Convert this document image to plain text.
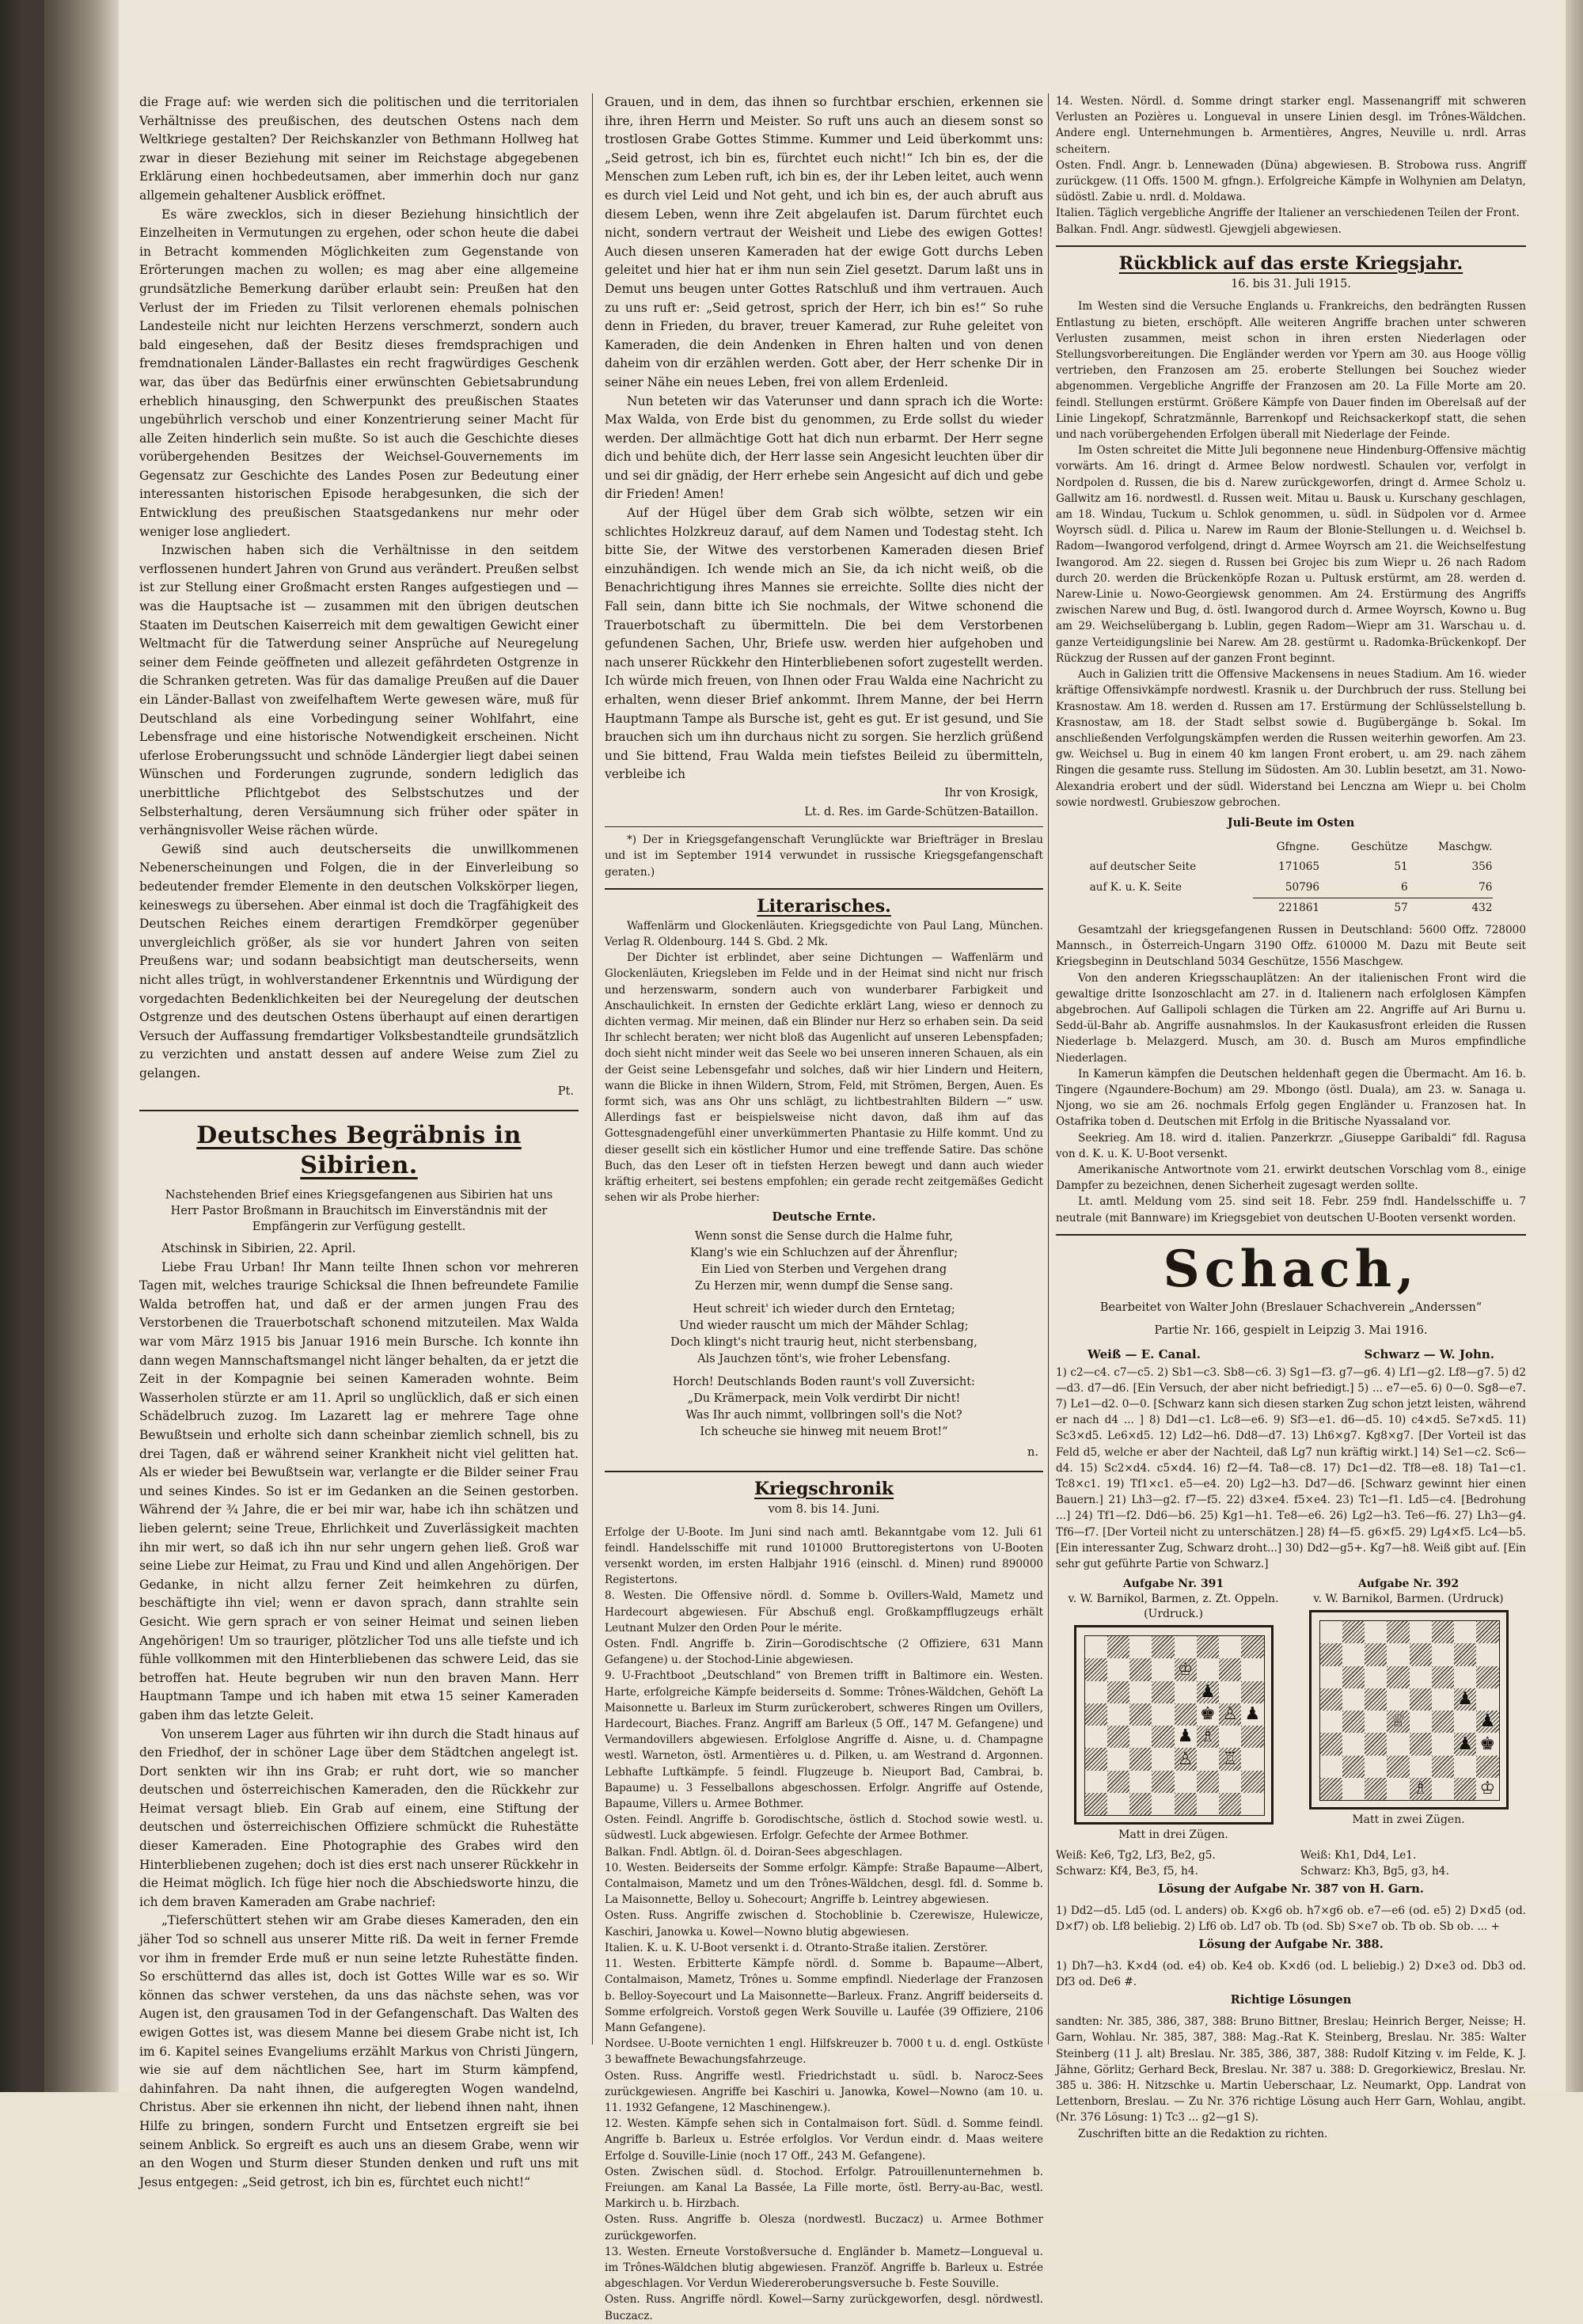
die Frage auf: wie werden sich die politischen und die territorialen Verhältnisse des preußischen, des deutschen Ostens nach dem Weltkriege gestalten? Der Reichskanzler von Bethmann Hollweg hat zwar in dieser Beziehung mit seiner im Reichstage abgegebenen Erklärung einen hochbedeutsamen, aber immerhin doch nur ganz allgemein gehaltener Ausblick eröffnet.

Es wäre zwecklos, sich in dieser Beziehung hinsichtlich der Einzelheiten in Vermutungen zu ergehen, oder schon heute die dabei in Betracht kommenden Möglichkeiten zum Gegenstande von Erörterungen machen zu wollen; es mag aber eine allgemeine grundsätzliche Bemerkung darüber erlaubt sein: Preußen hat den Verlust der im Frieden zu Tilsit verlorenen ehemals polnischen Landesteile nicht nur leichten Herzens verschmerzt, sondern auch bald eingesehen, daß der Besitz dieses fremdsprachigen und fremdnationalen Länder-Ballastes ein recht fragwürdiges Geschenk war, das über das Bedürfnis einer erwünschten Gebietsabrundung erheblich hinausging, den Schwerpunkt des preußischen Staates ungebührlich verschob und einer Konzentrierung seiner Macht für alle Zeiten hinderlich sein mußte. So ist auch die Geschichte dieses vorübergehenden Besitzes der Weichsel-Gouvernements im Gegensatz zur Geschichte des Landes Posen zur Bedeutung einer interessanten historischen Episode herabgesunken, die sich der Entwicklung des preußischen Staatsgedankens nur mehr oder weniger lose angliedert.

Inzwischen haben sich die Verhältnisse in den seitdem verflossenen hundert Jahren von Grund aus verändert. Preußen selbst ist zur Stellung einer Großmacht ersten Ranges aufgestiegen und — was die Hauptsache ist — zusammen mit den übrigen deutschen Staaten im Deutschen Kaiserreich mit dem gewaltigen Gewicht einer Weltmacht für die Tatwerdung seiner Ansprüche auf Neuregelung seiner dem Feinde geöffneten und allezeit gefährdeten Ostgrenze in die Schranken getreten. Was für das damalige Preußen auf die Dauer ein Länder-Ballast von zweifelhaftem Werte gewesen wäre, muß für Deutschland als eine Vorbedingung seiner Wohlfahrt, eine Lebensfrage und eine historische Notwendigkeit erscheinen. Nicht uferlose Eroberungssucht und schnöde Ländergier liegt dabei seinen Wünschen und Forderungen zugrunde, sondern lediglich das unerbittliche Pflichtgebot des Selbstschutzes und der Selbsterhaltung, deren Versäumnung sich früher oder später in verhängnisvoller Weise rächen würde.

Gewiß sind auch deutscherseits die unwillkommenen Nebenerscheinungen und Folgen, die in der Einverleibung so bedeutender fremder Elemente in den deutschen Volkskörper liegen, keineswegs zu übersehen. Aber einmal ist doch die Tragfähigkeit des Deutschen Reiches einem derartigen Fremdkörper gegenüber unvergleichlich größer, als sie vor hundert Jahren von seiten Preußens war; und sodann beabsichtigt man deutscherseits, wenn nicht alles trügt, in wohlverstandener Erkenntnis und Würdigung der vorgedachten Bedenklichkeiten bei der Neuregelung der deutschen Ostgrenze und des deutschen Ostens überhaupt auf einen derartigen Versuch der Auffassung fremdartiger Volksbestandteile grundsätzlich zu verzichten und anstatt dessen auf andere Weise zum Ziel zu gelangen.

Pt.
Deutsches Begräbnis in Sibirien.
Nachstehenden Brief eines Kriegsgefangenen aus Sibirien hat uns Herr Pastor Broßmann in Brauchitsch im Einverständnis mit der Empfängerin zur Verfügung gestellt.

Atschinsk in Sibirien, 22. April.

Liebe Frau Urban! Ihr Mann teilte Ihnen schon vor mehreren Tagen mit, welches traurige Schicksal die Ihnen befreundete Familie Walda betroffen hat, und daß er der armen jungen Frau des Verstorbenen die Trauerbotschaft schonend mitzuteilen. Max Walda war vom März 1915 bis Januar 1916 mein Bursche. Ich konnte ihn dann wegen Mannschaftsmangel nicht länger behalten, da er jetzt die Zeit in der Kompagnie bei seinen Kameraden wohnte. Beim Wasserholen stürzte er am 11. April so unglücklich, daß er sich einen Schädelbruch zuzog. Im Lazarett lag er mehrere Tage ohne Bewußtsein und erholte sich dann scheinbar ziemlich schnell, bis zu drei Tagen, daß er während seiner Krankheit nicht viel gelitten hat. Als er wieder bei Bewußtsein war, verlangte er die Bilder seiner Frau und seines Kindes. So ist er im Gedanken an die Seinen gestorben. Während der ¾ Jahre, die er bei mir war, habe ich ihn schätzen und lieben gelernt; seine Treue, Ehrlichkeit und Zuverlässigkeit machten ihn mir wert, so daß ich ihn nur sehr ungern gehen ließ. Groß war seine Liebe zur Heimat, zu Frau und Kind und allen Angehörigen. Der Gedanke, in nicht allzu ferner Zeit heimkehren zu dürfen, beschäftigte ihn viel; wenn er davon sprach, dann strahlte sein Gesicht. Wie gern sprach er von seiner Heimat und seinen lieben Angehörigen! Um so trauriger, plötzlicher Tod uns alle tiefste und ich fühle vollkommen mit den Hinterbliebenen das schwere Leid, das sie betroffen hat. Heute begruben wir nun den braven Mann. Herr Hauptmann Tampe und ich haben mit etwa 15 seiner Kameraden gaben ihm das letzte Geleit.

Von unserem Lager aus führten wir ihn durch die Stadt hinaus auf den Friedhof, der in schöner Lage über dem Städtchen angelegt ist. Dort senkten wir ihn ins Grab; er ruht dort, wie so mancher deutschen und österreichischen Kameraden, den die Rückkehr zur Heimat versagt blieb. Ein Grab auf einem, eine Stiftung der deutschen und österreichischen Offiziere schmückt die Ruhestätte dieser Kameraden. Eine Photographie des Grabes wird den Hinterbliebenen zugehen; doch ist dies erst nach unserer Rückkehr in die Heimat möglich. Ich füge hier noch die Abschiedsworte hinzu, die ich dem braven Kameraden am Grabe nachrief:

„Tieferschüttert stehen wir am Grabe dieses Kameraden, den ein jäher Tod so schnell aus unserer Mitte riß. Da weit in ferner Fremde vor ihm in fremder Erde muß er nun seine letzte Ruhestätte finden. So erschütternd das alles ist, doch ist Gottes Wille war es so. Wir können das schwer verstehen, da uns das nächste sehen, was vor Augen ist, den grausamen Tod in der Gefangenschaft. Das Walten des ewigen Gottes ist, was diesem Manne bei diesem Grabe nicht ist, Ich im 6. Kapitel seines Evangeliums erzählt Markus von Christi Jüngern, wie sie auf dem nächtlichen See, hart im Sturm kämpfend, dahinfahren. Da naht ihnen, die aufgeregten Wogen wandelnd, Christus. Aber sie erkennen ihn nicht, der liebend ihnen naht, ihnen Hilfe zu bringen, sondern Furcht und Entsetzen ergreift sie bei seinem Anblick. So ergreift es auch uns an diesem Grabe, wenn wir an den Wogen und Sturm dieser Stunden denken und ruft uns mit Jesus entgegen: „Seid getrost, ich bin es, fürchtet euch nicht!“

Grauen, und in dem, das ihnen so furchtbar erschien, erkennen sie ihre, ihren Herrn und Meister. So ruft uns auch an diesem sonst so trostlosen Grabe Gottes Stimme. Kummer und Leid überkommt uns: „Seid getrost, ich bin es, fürchtet euch nicht!“ Ich bin es, der die Menschen zum Leben ruft, ich bin es, der ihr Leben leitet, auch wenn es durch viel Leid und Not geht, und ich bin es, der auch abruft aus diesem Leben, wenn ihre Zeit abgelaufen ist. Darum fürchtet euch nicht, sondern vertraut der Weisheit und Liebe des ewigen Gottes! Auch diesen unseren Kameraden hat der ewige Gott durchs Leben geleitet und hier hat er ihm nun sein Ziel gesetzt. Darum laßt uns in Demut uns beugen unter Gottes Ratschluß und ihm vertrauen. Auch zu uns ruft er: „Seid getrost, sprich der Herr, ich bin es!“ So ruhe denn in Frieden, du braver, treuer Kamerad, zur Ruhe geleitet von Kameraden, die dein Andenken in Ehren halten und von denen daheim von dir erzählen werden. Gott aber, der Herr schenke Dir in seiner Nähe ein neues Leben, frei von allem Erdenleid.

Nun beteten wir das Vaterunser und dann sprach ich die Worte: Max Walda, von Erde bist du genommen, zu Erde sollst du wieder werden. Der allmächtige Gott hat dich nun erbarmt. Der Herr segne dich und behüte dich, der Herr lasse sein Angesicht leuchten über dir und sei dir gnädig, der Herr erhebe sein Angesicht auf dich und gebe dir Frieden! Amen!

Auf der Hügel über dem Grab sich wölbte, setzen wir ein schlichtes Holzkreuz darauf, auf dem Namen und Todestag steht. Ich bitte Sie, der Witwe des verstorbenen Kameraden diesen Brief einzuhändigen. Ich wende mich an Sie, da ich nicht weiß, ob die Benachrichtigung ihres Mannes sie erreichte. Sollte dies nicht der Fall sein, dann bitte ich Sie nochmals, der Witwe schonend die Trauerbotschaft zu übermitteln. Die bei dem Verstorbenen gefundenen Sachen, Uhr, Briefe usw. werden hier aufgehoben und nach unserer Rückkehr den Hinterbliebenen sofort zugestellt werden. Ich würde mich freuen, von Ihnen oder Frau Walda eine Nachricht zu erhalten, wenn dieser Brief ankommt. Ihrem Manne, der bei Herrn Hauptmann Tampe als Bursche ist, geht es gut. Er ist gesund, und Sie brauchen sich um ihn durchaus nicht zu sorgen. Sie herzlich grüßend und Sie bittend, Frau Walda mein tiefstes Beileid zu übermitteln, verbleibe ich

Ihr von Krosigk,
Lt. d. Res. im Garde-Schützen-Bataillon.

*) Der in Kriegsgefangenschaft Verunglückte war Briefträger in Breslau und ist im September 1914 verwundet in russische Kriegsgefangenschaft geraten.)

Literarisches.

Waffenlärm und Glockenläuten. Kriegsgedichte von Paul Lang, München. Verlag R. Oldenbourg. 144 S. Gbd. 2 Mk.

Der Dichter ist erblindet, aber seine Dichtungen — Waffenlärm und Glockenläuten, Kriegsleben im Felde und in der Heimat sind nicht nur frisch und herzenswarm, sondern auch von wunderbarer Farbigkeit und Anschaulichkeit. In ernsten der Gedichte erklärt Lang, wieso er dennoch zu dichten vermag. Mir meinen, daß ein Blinder nur Herz so erhaben sein. Da seid Ihr schlecht beraten; wer nicht bloß das Augenlicht auf unseren Lebenspfaden; doch sieht nicht minder weit das Seele wo bei unseren inneren Schauen, als ein der Geist seine Lebensgefahr und solches, daß wir hier Lindern und Heitern, wann die Blicke in ihnen Wildern, Strom, Feld, mit Strömen, Bergen, Auen. Es formt sich, was ans Ohr uns schlägt, zu lichtbestrahlten Bildern —“ usw. Allerdings fast er beispielsweise nicht davon, daß ihm auf das Gottesgnadengefühl einer unverkümmerten Phantasie zu Hilfe kommt. Und zu dieser gesellt sich ein köstlicher Humor und eine treffende Satire. Das schöne Buch, das den Leser oft in tiefsten Herzen bewegt und dann auch wieder kräftig erheitert, sei bestens empfohlen; ein gerade recht zeitgemäßes Gedicht sehen wir als Probe hierher:

Deutsche Ernte.
Wenn sonst die Sense durch die Halme fuhr,
Klang's wie ein Schluchzen auf der Ährenflur;
Ein Lied von Sterben und Vergehen drang
Zu Herzen mir, wenn dumpf die Sense sang.
Heut schreit' ich wieder durch den Erntetag;
Und wieder rauscht um mich der Mähder Schlag;
Doch klingt's nicht traurig heut, nicht sterbensbang,
Als Jauchzen tönt's, wie froher Lebensfang.
Horch! Deutschlands Boden raunt's voll Zuversicht:
„Du Krämerpack, mein Volk verdirbt Dir nicht!
Was Ihr auch nimmt, vollbringen soll's die Not?
Ich scheuche sie hinweg mit neuem Brot!“
n.
Kriegschronik
vom 8. bis 14. Juni.

Erfolge der U-Boote. Im Juni sind nach amtl. Bekanntgabe vom 12. Juli 61 feindl. Handelsschiffe mit rund 101000 Bruttoregistertons von U-Booten versenkt worden, im ersten Halbjahr 1916 (einschl. d. Minen) rund 890000 Registertons.

8. Westen. Die Offensive nördl. d. Somme b. Ovillers-Wald, Mametz und Hardecourt abgewiesen. Für Abschuß engl. Großkampfflugzeugs erhält Leutnant Mulzer den Orden Pour le mérite.

Osten. Fndl. Angriffe b. Zirin—Gorodischtsche (2 Offiziere, 631 Mann Gefangene) u. der Stochod-Linie abgewiesen.

9. U-Frachtboot „Deutschland“ von Bremen trifft in Baltimore ein. Westen. Harte, erfolgreiche Kämpfe beiderseits d. Somme: Trônes-Wäldchen, Gehöft La Maisonnette u. Barleux im Sturm zurückerobert, schweres Ringen um Ovillers, Hardecourt, Biaches. Franz. Angriff am Barleux (5 Off., 147 M. Gefangene) und Vermandovillers abgewiesen. Erfolglose Angriffe d. Aisne, u. d. Champagne westl. Warneton, östl. Armentières u. d. Pilken, u. am Westrand d. Argonnen. Lebhafte Luftkämpfe. 5 feindl. Flugzeuge b. Nieuport Bad, Cambrai, b. Bapaume) u. 3 Fesselballons abgeschossen. Erfolgr. Angriffe auf Ostende, Bapaume, Villers u. Armee Bothmer.

Osten. Feindl. Angriffe b. Gorodischtsche, östlich d. Stochod sowie westl. u. südwestl. Luck abgewiesen. Erfolgr. Gefechte der Armee Bothmer.

Balkan. Fndl. Abtlgn. öl. d. Doiran-Sees abgeschlagen.

10. Westen. Beiderseits der Somme erfolgr. Kämpfe: Straße Bapaume—Albert, Contalmaison, Mametz und um den Trônes-Wäldchen, desgl. fdl. d. Somme b. La Maisonnette, Belloy u. Sohecourt; Angriffe b. Leintrey abgewiesen.

Osten. Russ. Angriffe zwischen d. Stochoblinie b. Czerewisze, Hulewicze, Kaschiri, Janowka u. Kowel—Nowno blutig abgewiesen.

Italien. K. u. K. U-Boot versenkt i. d. Otranto-Straße italien. Zerstörer.

11. Westen. Erbitterte Kämpfe nördl. d. Somme b. Bapaume—Albert, Contalmaison, Mametz, Trônes u. Somme empfindl. Niederlage der Franzosen b. Belloy-Soyecourt und La Maisonnette—Barleux. Franz. Angriff beiderseits d. Somme erfolgreich. Vorstoß gegen Werk Souville u. Laufée (39 Offiziere, 2106 Mann Gefangene).

Nordsee. U-Boote vernichten 1 engl. Hilfskreuzer b. 7000 t u. d. engl. Ostküste 3 bewaffnete Bewachungsfahrzeuge.

Osten. Russ. Angriffe westl. Friedrichstadt u. südl. b. Narocz-Sees zurückgewiesen. Angriffe bei Kaschiri u. Janowka, Kowel—Nowno (am 10. u. 11. 1932 Gefangene, 12 Maschinengew.).

12. Westen. Kämpfe sehen sich in Contalmaison fort. Südl. d. Somme feindl. Angriffe b. Barleux u. Estrée erfolglos. Vor Verdun eindr. d. Maas weitere Erfolge d. Souville-Linie (noch 17 Off., 243 M. Gefangene).

Osten. Zwischen südl. d. Stochod. Erfolgr. Patrouillenunternehmen b. Freiungen. am Kanal La Bassée, La Fille morte, östl. Berry-au-Bac, westl. Markirch u. b. Hirzbach.

Osten. Russ. Angriffe b. Olesza (nordwestl. Buczacz) u. Armee Bothmer zurückgeworfen.

13. Westen. Erneute Vorstoßversuche d. Engländer b. Mametz—Longueval u. im Trônes-Wäldchen blutig abgewiesen. Franzöf. Angriffe b. Barleux u. Estrée abgeschlagen. Vor Verdun Wiedereroberungsversuche b. Feste Souville.

Osten. Russ. Angriffe nördl. Kowel—Sarny zurückgeworfen, desgl. nördwestl. Buczacz.

14. Westen. Nördl. d. Somme dringt starker engl. Massenangriff mit schweren Verlusten an Pozières u. Longueval in unsere Linien desgl. im Trônes-Wäldchen. Andere engl. Unternehmungen b. Armentières, Angres, Neuville u. nrdl. Arras scheitern.

Osten. Fndl. Angr. b. Lennewaden (Düna) abgewiesen. B. Strobowa russ. Angriff zurückgew. (11 Offs. 1500 M. gfngn.). Erfolgreiche Kämpfe in Wolhynien am Delatyn, südöstl. Zabie u. nrdl. d. Moldawa.

Italien. Täglich vergebliche Angriffe der Italiener an verschiedenen Teilen der Front.

Balkan. Fndl. Angr. südwestl. Gjewgjeli abgewiesen.

Rückblick auf das erste Kriegsjahr.
16. bis 31. Juli 1915.

Im Westen sind die Versuche Englands u. Frankreichs, den bedrängten Russen Entlastung zu bieten, erschöpft. Alle weiteren Angriffe brachen unter schweren Verlusten zusammen, meist schon in ihren ersten Niederlagen oder Stellungsvorbereitungen. Die Engländer werden vor Ypern am 30. aus Hooge völlig vertrieben, den Franzosen am 25. eroberte Stellungen bei Souchez wieder abgenommen. Vergebliche Angriffe der Franzosen am 20. La Fille Morte am 20. feindl. Stellungen erstürmt. Größere Kämpfe von Dauer finden im Oberelsaß auf der Linie Lingekopf, Schratzmännle, Barrenkopf und Reichsackerkopf statt, die sehen und nach vorübergehenden Erfolgen überall mit Niederlage der Feinde.

Im Osten schreitet die Mitte Juli begonnene neue Hindenburg-Offensive mächtig vorwärts. Am 16. dringt d. Armee Below nordwestl. Schaulen vor, verfolgt in Nordpolen d. Russen, die bis d. Narew zurückgeworfen, dringt d. Armee Scholz u. Gallwitz am 16. nordwestl. d. Russen weit. Mitau u. Bausk u. Kurschany geschlagen, am 18. Windau, Tuckum u. Schlok genommen, u. südl. in Südpolen vor d. Armee Woyrsch südl. d. Pilica u. Narew im Raum der Blonie-Stellungen u. d. Weichsel b. Radom—Iwangorod verfolgend, dringt d. Armee Woyrsch am 21. die Weichselfestung Iwangorod. Am 22. siegen d. Russen bei Grojec bis zum Wiepr u. 26 nach Radom durch 20. werden die Brückenköpfe Rozan u. Pultusk erstürmt, am 28. werden d. Narew-Linie u. Nowo-Georgiewsk genommen. Am 24. Erstürmung des Angriffs zwischen Narew und Bug, d. östl. Iwangorod durch d. Armee Woyrsch, Kowno u. Bug am 29. Weichselübergang b. Lublin, gegen Radom—Wiepr am 31. Warschau u. d. ganze Verteidigungslinie bei Narew. Am 28. gestürmt u. Radomka-Brückenkopf. Der Rückzug der Russen auf der ganzen Front beginnt.

Auch in Galizien tritt die Offensive Mackensens in neues Stadium. Am 16. wieder kräftige Offensivkämpfe nordwestl. Krasnik u. der Durchbruch der russ. Stellung bei Krasnostaw. Am 18. werden d. Russen am 17. Erstürmung der Schlüsselstellung b. Krasnostaw, am 18. der Stadt selbst sowie d. Bugübergänge b. Sokal. Im anschließenden Verfolgungskämpfen werden die Russen weiterhin geworfen. Am 23. gw. Weichsel u. Bug in einem 40 km langen Front erobert, u. am 29. nach zähem Ringen die gesamte russ. Stellung im Südosten. Am 30. Lublin besetzt, am 31. Nowo-Alexandria erobert und der südl. Widerstand bei Lenczna am Wiepr u. bei Cholm sowie nordwestl. Grubieszow gebrochen.

Juli-Beute im Osten
	Gfngne.	Geschütze	Maschgw.
auf deutscher Seite	171065	51	356
auf K. u. K. Seite	50796	6	76
	221861	57	432

Gesamtzahl der kriegsgefangenen Russen in Deutschland: 5600 Offz. 728000 Mannsch., in Österreich-Ungarn 3190 Offz. 610000 M. Dazu mit Beute seit Kriegsbeginn in Deutschland 5034 Geschütze, 1556 Maschgew.

Von den anderen Kriegsschauplätzen: An der italienischen Front wird die gewaltige dritte Isonzoschlacht am 27. in d. Italienern nach erfolglosen Kämpfen abgebrochen. Auf Gallipoli schlagen die Türken am 22. Angriffe auf Ari Burnu u. Sedd-ül-Bahr ab. Angriffe ausnahmslos. In der Kaukasusfront erleiden die Russen Niederlage b. Melazgerd. Musch, am 30. d. Busch am Muros empfindliche Niederlagen.

In Kamerun kämpfen die Deutschen heldenhaft gegen die Übermacht. Am 16. b. Tingere (Ngaundere-Bochum) am 29. Mbongo (östl. Duala), am 23. w. Sanaga u. Njong, wo sie am 26. nochmals Erfolg gegen Engländer u. Franzosen hat. In Ostafrika toben d. Deutschen mit Erfolg in die Britische Nyassaland vor.

Seekrieg. Am 18. wird d. italien. Panzerkrzr. „Giuseppe Garibaldi“ fdl. Ragusa von d. K. u. K. U-Boot versenkt.

Amerikanische Antwortnote vom 21. erwirkt deutschen Vorschlag vom 8., einige Dampfer zu bezeichnen, denen Sicherheit zugesagt werden sollte.

Lt. amtl. Meldung vom 25. sind seit 18. Febr. 259 fndl. Handelsschiffe u. 7 neutrale (mit Bannware) im Kriegsgebiet von deutschen U-Booten versenkt worden.

Schach,
Bearbeitet von Walter John (Breslauer Schachverein „Anderssen“
Partie Nr. 166, gespielt in Leipzig 3. Mai 1916.
Weiß — E. Canal.	Schwarz — W. John.

1) c2—c4. c7—c5. 2) Sb1—c3. Sb8—c6. 3) Sg1—f3. g7—g6. 4) Lf1—g2. Lf8—g7. 5) d2—d3. d7—d6. [Ein Versuch, der aber nicht befriedigt.] 5) ... e7—e5. 6) 0—0. Sg8—e7. 7) Le1—d2. 0—0. [Schwarz kann sich diesen starken Zug schon jetzt leisten, während er nach d4 ... ] 8) Dd1—c1. Lc8—e6. 9) Sf3—e1. d6—d5. 10) c4×d5. Se7×d5. 11) Sc3×d5. Le6×d5. 12) Ld2—h6. Dd8—d7. 13) Lh6×g7. Kg8×g7. [Der Vorteil ist das Feld d5, welche er aber der Nachteil, daß Lg7 nun kräftig wirkt.] 14) Se1—c2. Sc6—d4. 15) Sc2×d4. c5×d4. 16) f2—f4. Ta8—c8. 17) Dc1—d2. Tf8—e8. 18) Ta1—c1. Tc8×c1. 19) Tf1×c1. e5—e4. 20) Lg2—h3. Dd7—d6. [Schwarz gewinnt hier einen Bauern.] 21) Lh3—g2. f7—f5. 22) d3×e4. f5×e4. 23) Tc1—f1. Ld5—c4. [Bedrohung ...] 24) Tf1—f2. Dd6—b6. 25) Kg1—h1. Tе8—e6. 26) Lg2—h3. Te6—f6. 27) Lh3—g4. Tf6—f7. [Der Vorteil nicht zu unterschätzen.] 28) f4—f5. g6×f5. 29) Lg4×f5. Lc4—b5. [Ein interessanter Zug, Schwarz droht...] 30) Dd2—g5+. Kg7—h8. Weiß gibt auf. [Ein sehr gut geführte Partie von Schwarz.]

Aufgabe Nr. 391
v. W. Barnikol, Barmen, z. Zt. Oppeln. (Urdruck.)
♔
♟
♚ ♙ ♟
♟ ♗
♙ ♖
Matt in drei Zügen.
Aufgabe Nr. 392
v. W. Barnikol, Barmen. (Urdruck)
♟
♕	♟
♟ ♚
♗	♔
Matt in zwei Zügen.
Weiß: Ke6, Tg2, Lf3, Be2, g5.
Schwarz: Kf4, Be3, f5, h4.
Weiß: Kh1, Dd4, Le1.
Schwarz: Kh3, Bg5, g3, h4.
Lösung der Aufgabe Nr. 387 von H. Garn.

1) Dd2—d5. Ld5 (od. L anders) ob. K×g6 ob. h7×g6 ob. e7—e6 (od. e5) 2) D×d5 (od. D×f7) ob. Lf8 beliebig. 2) Lf6 ob. Ld7 ob. Tb (od. Sb) S×e7 ob. Tb ob. Sb ob. ... +

Lösung der Aufgabe Nr. 388.

1) Dh7—h3. K×d4 (od. e4) ob. Ke4 ob. K×d6 (od. L beliebig.) 2) D×e3 od. Db3 od. Df3 od. De6 #.

Richtige Lösungen

sandten: Nr. 385, 386, 387, 388: Bruno Bittner, Breslau; Heinrich Berger, Neisse; H. Garn, Wohlau. Nr. 385, 387, 388: Mag.-Rat K. Steinberg, Breslau. Nr. 385: Walter Steinberg (11 J. alt) Breslau. Nr. 385, 386, 387, 388: Rudolf Kitzing v. im Felde, K. J. Jähne, Görlitz; Gerhard Beck, Breslau. Nr. 387 u. 388: D. Gregorkiewicz, Breslau. Nr. 385 u. 386: H. Nitzschke u. Martin Ueberschaar, Lz. Neumarkt, Opp. Landrat von Lettenborn, Breslau. — Zu Nr. 376 richtige Lösung auch Herr Garn, Wohlau, angibt. (Nr. 376 Lösung: 1) Tc3 ... g2—g1 S).

Zuschriften bitte an die Redaktion zu richten.
